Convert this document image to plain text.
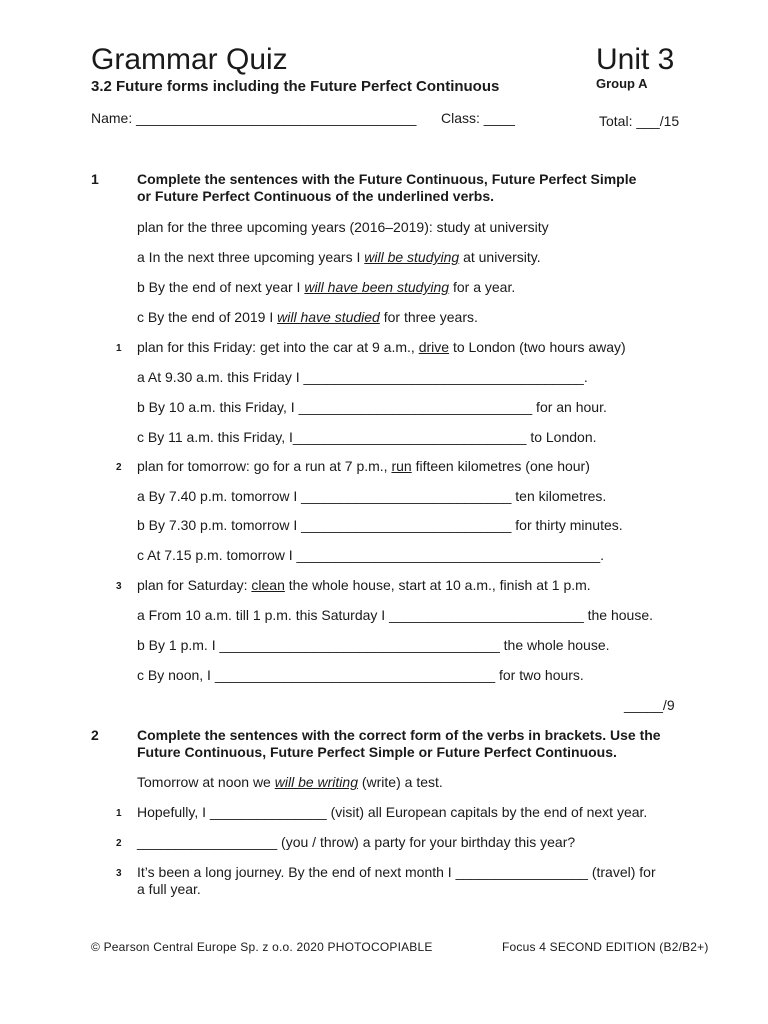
Grammar Quiz	Unit 3
3.2 Future forms including the Future Perfect Continuous	Group A
Name: ____________________________________ Class: ____	Total: ___/15
1	Complete the sentences with the Future Continuous, Future Perfect Simple
or Future Perfect Continuous of the underlined verbs.
plan for the three upcoming years (2016–2019): study at university
a In the next three upcoming years I will be studying at university.
b By the end of next year I will have been studying for a year.
c By the end of 2019 I will have studied for three years.
1 plan for this Friday: get into the car at 9 a.m., drive to London (two hours away)
a At 9.30 a.m. this Friday I ____________________________________.
b By 10 a.m. this Friday, I ______________________________ for an hour.
c By 11 a.m. this Friday, I______________________________ to London.
2 plan for tomorrow: go for a run at 7 p.m., run fifteen kilometres (one hour)
a By 7.40 p.m. tomorrow I ___________________________ ten kilometres.
b By 7.30 p.m. tomorrow I ___________________________ for thirty minutes.
c At 7.15 p.m. tomorrow I _______________________________________.
3 plan for Saturday: clean the whole house, start at 10 a.m., finish at 1 p.m.
a From 10 a.m. till 1 p.m. this Saturday I _________________________ the house.
b By 1 p.m. I ____________________________________ the whole house.
c By noon, I ____________________________________ for two hours.
_____/9
2	Complete the sentences with the correct form of the verbs in brackets. Use the
Future Continuous, Future Perfect Simple or Future Perfect Continuous.
Tomorrow at noon we will be writing (write) a test.
1 Hopefully, I _______________ (visit) all European capitals by the end of next year.
2 __________________ (you / throw) a party for your birthday this year?
3 It’s been a long journey. By the end of next month I _________________ (travel) for
a full year.
© Pearson Central Europe Sp. z o.o. 2020 PHOTOCOPIABLE	Focus 4 SECOND EDITION (B2/B2+)
